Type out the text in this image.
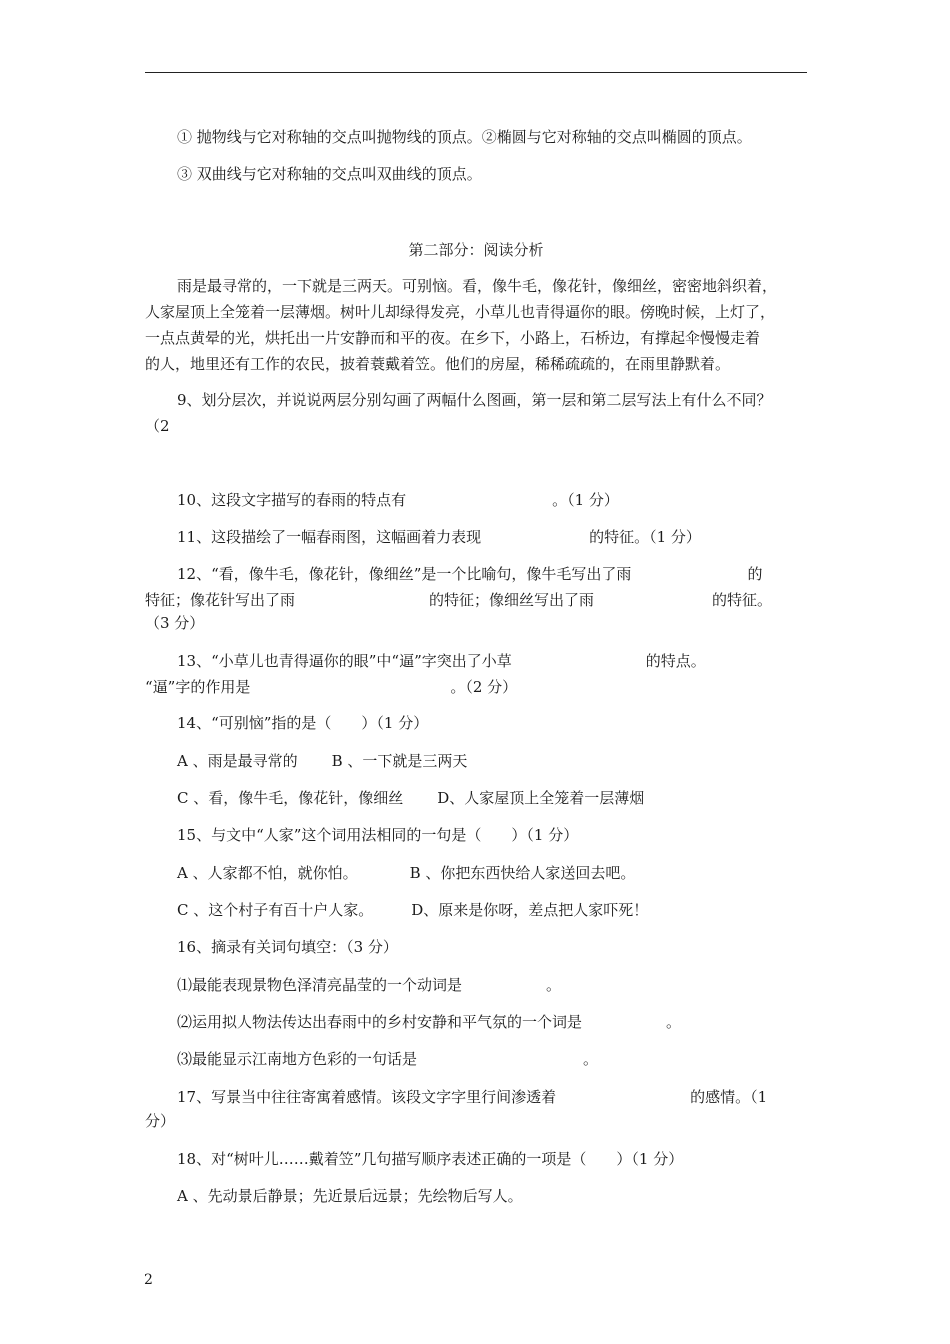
① 抛物线与它对称轴的交点叫抛物线的顶点。②椭圆与它对称轴的交点叫椭圆的顶点。
③ 双曲线与它对称轴的交点叫双曲线的顶点。
第二部分：阅读分析
雨是最寻常的，一下就是三两天。可别恼。看，像牛毛，像花针，像细丝，密密地斜织着，
人家屋顶上全笼着一层薄烟。树叶儿却绿得发亮，小草儿也青得逼你的眼。傍晚时候，上灯了，
一点点黄晕的光，烘托出一片安静而和平的夜。在乡下，小路上，石桥边，有撑起伞慢慢走着
的人，地里还有工作的农民，披着蓑戴着笠。他们的房屋，稀稀疏疏的，在雨里静默着。
9、划分层次，并说说两层分别勾画了两幅什么图画，第一层和第二层写法上有什么不同？
（2
10、这段文字描写的春雨的特点有	。（1 分）
11、这段描绘了一幅春雨图，这幅画着力表现	的特征。（1 分）
12、“看，像牛毛，像花针，像细丝”是一个比喻句，像牛毛写出了雨	的
特征；像花针写出了雨	的特征；像细丝写出了雨	的特征。
（3 分）
13、“小草儿也青得逼你的眼”中“逼”字突出了小草	的特点。
“逼”字的作用是	。（2 分）
14、“可别恼”指的是（　　）（1 分）
A 、雨是最寻常的 B 、一下就是三两天
C 、看，像牛毛，像花针，像细丝 D、人家屋顶上全笼着一层薄烟
15、与文中“人家”这个词用法相同的一句是（　　）（1 分）
A 、人家都不怕，就你怕。	B 、你把东西快给人家送回去吧。
C 、这个村子有百十户人家。	D、原来是你呀，差点把人家吓死！
16、摘录有关词句填空：（3 分）
⑴最能表现景物色泽清亮晶莹的一个动词是	。
⑵运用拟人物法传达出春雨中的乡村安静和平气氛的一个词是	。
⑶最能显示江南地方色彩的一句话是	。
17、写景当中往往寄寓着感情。该段文字字里行间渗透着	的感情。（1
分）
18、对“树叶儿……戴着笠”几句描写顺序表述正确的一项是（　　）（1 分）
A 、先动景后静景；先近景后远景；先绘物后写人。
2
